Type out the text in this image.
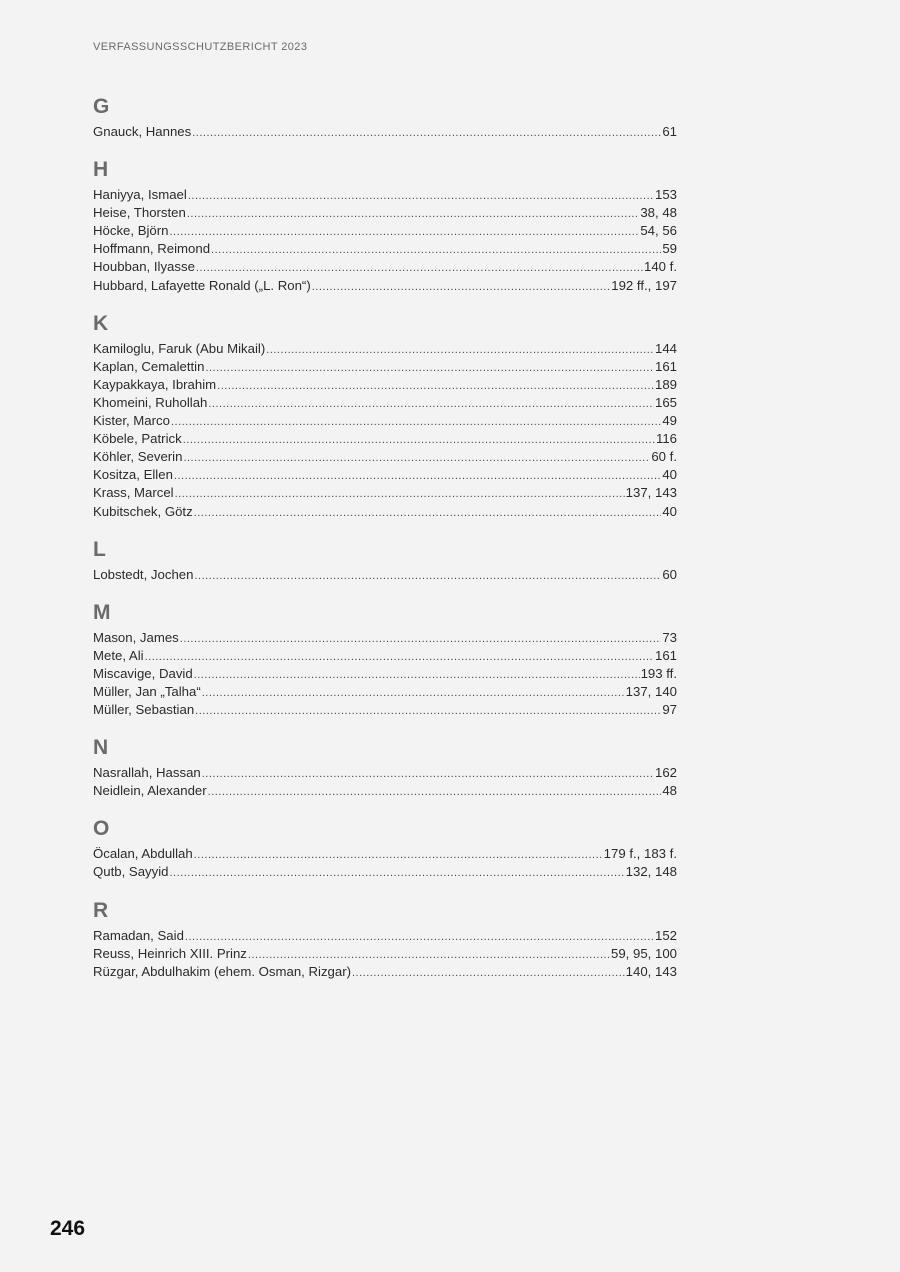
VERFASSUNGSSCHUTZBERICHT 2023
G
Gnauck, Hannes .....	61
H
Haniyya, Ismael .....	153
Heise, Thorsten .....	38, 48
Höcke, Björn .....	54, 56
Hoffmann, Reimond .....	59
Houbban, Ilyasse .....	140 f.
Hubbard, Lafayette Ronald („L. Ron“) .....	192 ff., 197
K
Kamiloglu, Faruk (Abu Mikail) .....	144
Kaplan, Cemalettin .....	161
Kaypakkaya, Ibrahim .....	189
Khomeini, Ruhollah .....	165
Kister, Marco .....	49
Köbele, Patrick .....	116
Köhler, Severin .....	60 f.
Kositza, Ellen .....	40
Krass, Marcel .....	137, 143
Kubitschek, Götz .....	40
L
Lobstedt, Jochen .....	60
M
Mason, James .....	73
Mete, Ali .....	161
Miscavige, David .....	193 ff.
Müller, Jan „Talha“ .....	137, 140
Müller, Sebastian .....	97
N
Nasrallah, Hassan .....	162
Neidlein, Alexander .....	48
O
Öcalan, Abdullah .....	179 f., 183 f.
Qutb, Sayyid .....	132, 148
R
Ramadan, Said .....	152
Reuss, Heinrich XIII. Prinz .....	59, 95, 100
Rüzgar, Abdulhakim (ehem. Osman, Rizgar) .....	140, 143
246
